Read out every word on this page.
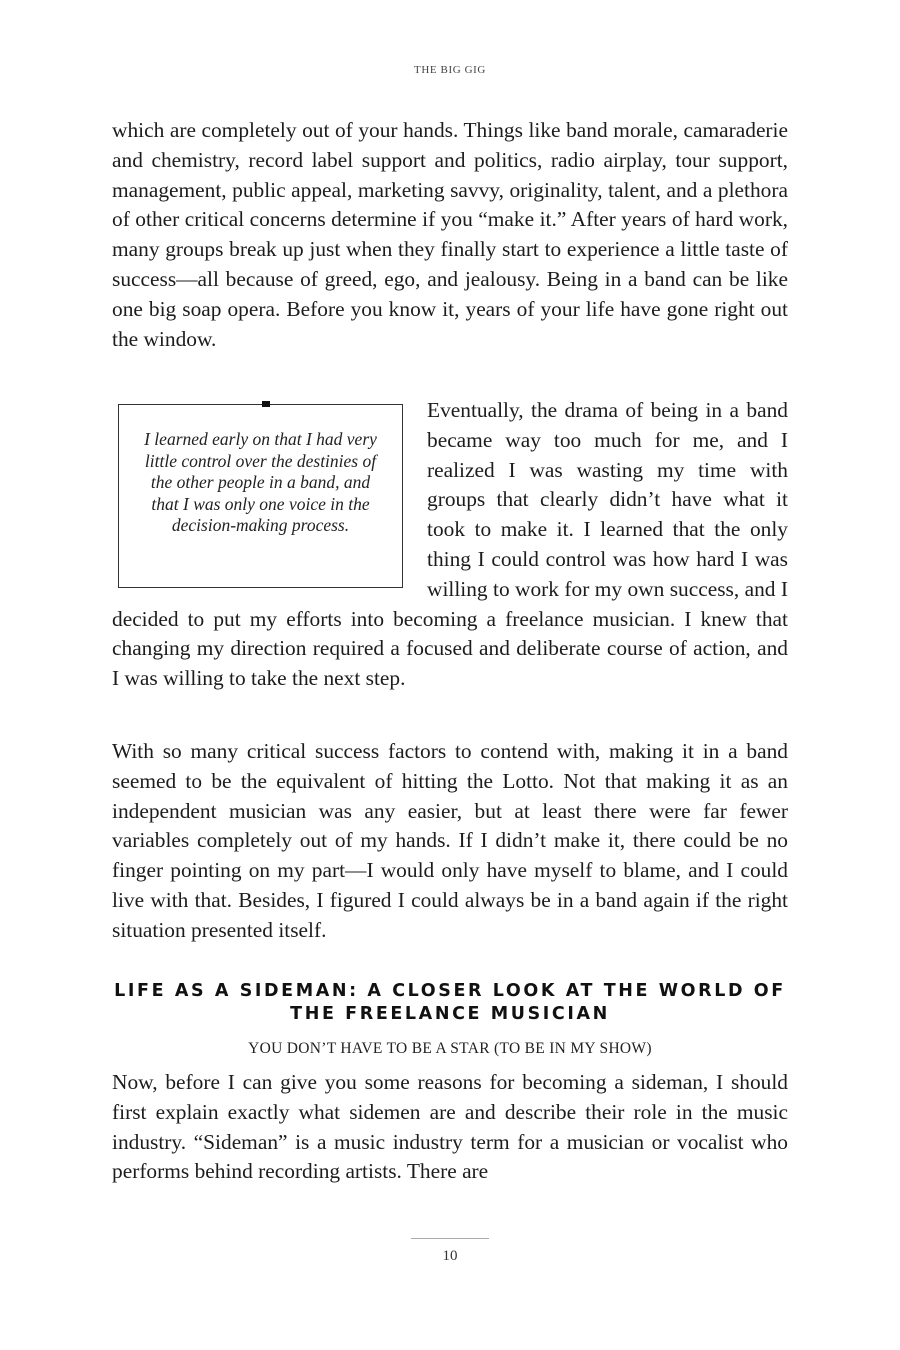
THE BIG GIG

which are completely out of your hands. Things like band morale, camaraderie and chemistry, record label support and politics, radio airplay, tour support, management, public appeal, marketing savvy, originality, talent, and a plethora of other critical concerns determine if you “make it.” After years of hard work, many groups break up just when they finally start to experience a little taste of success—all because of greed, ego, and jealousy. Being in a band can be like one big soap opera. Before you know it, years of your life have gone right out the window.

I learned early on that I had very little control over the destinies of the other people in a band, and that I was only one voice in the decision-making process.

Eventually, the drama of being in a band became way too much for me, and I realized I was wasting my time with groups that clearly didn’t have what it took to make it. I learned that the only thing I could control was how hard I was willing to work for my own success, and I decided to put my efforts into becoming a freelance musician. I knew that changing my direction required a focused and deliberate course of action, and I was willing to take the next step.

With so many critical success factors to contend with, making it in a band seemed to be the equivalent of hitting the Lotto. Not that making it as an independent musician was any easier, but at least there were far fewer variables completely out of my hands. If I didn’t make it, there could be no finger pointing on my part—I would only have myself to blame, and I could live with that. Besides, I figured I could always be in a band again if the right situation presented itself.

LIFE AS A SIDEMAN: A CLOSER LOOK AT THE WORLD OF THE FREELANCE MUSICIAN

YOU DON’T HAVE TO BE A STAR (TO BE IN MY SHOW)

Now, before I can give you some reasons for becoming a sideman, I should first explain exactly what sidemen are and describe their role in the music industry. “Sideman” is a music industry term for a musician or vocalist who performs behind recording artists. There are

10
